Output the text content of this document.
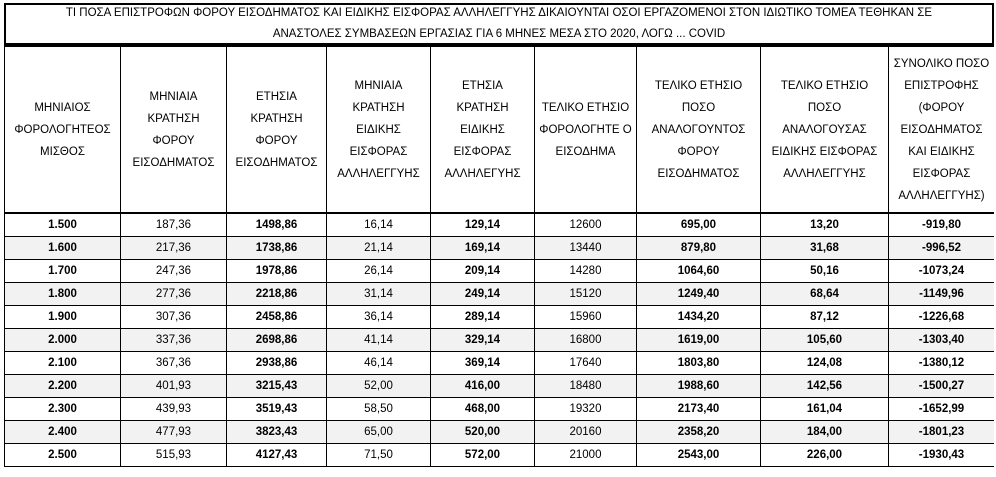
ΤΙ ΠΟΣΑ ΕΠΙΣΤΡΟΦΩΝ ΦΟΡΟΥ ΕΙΣΟΔΗΜΑΤΟΣ ΚΑΙ ΕΙΔΙΚΗΣ ΕΙΣΦΟΡΑΣ ΑΛΛΗΛΕΓΓΥΗΣ ΔΙΚΑΙΟΥΝΤΑΙ ΟΣΟΙ ΕΡΓΑΖΟΜΕΝΟΙ ΣΤΟΝ ΙΔΙΩΤΙΚΟ ΤΟΜΕΑ ΤΕΘΗΚΑΝ ΣΕ
ΑΝΑΣΤΟΛΕΣ ΣΥΜΒΑΣΕΩΝ ΕΡΓΑΣΙΑΣ ΓΙΑ 6 ΜΗΝΕΣ ΜΕΣΑ ΣΤΟ 2020, ΛΟΓΩ ... COVID
ΜΗΝΙΑΙΟΣ ΦΟΡΟΛΟΓΗΤΕΟΣ ΜΙΣΘΟΣ	ΜΗΝΙΑΙΑ ΚΡΑΤΗΣΗ ΦΟΡΟΥ ΕΙΣΟΔΗΜΑΤΟΣ	ΕΤΗΣΙΑ ΚΡΑΤΗΣΗ ΦΟΡΟΥ ΕΙΣΟΔΗΜΑΤΟΣ	ΜΗΝΙΑΙΑ ΚΡΑΤΗΣΗ ΕΙΔΙΚΗΣ ΕΙΣΦΟΡΑΣ ΑΛΛΗΛΕΓΓΥΗΣ	ΕΤΗΣΙΑ ΚΡΑΤΗΣΗ ΕΙΔΙΚΗΣ ΕΙΣΦΟΡΑΣ ΑΛΛΗΛΕΓΥΗΣ	ΤΕΛΙΚΟ ΕΤΗΣΙΟ ΦΟΡΟΛΟΓΗΤΕ Ο ΕΙΣΟΔΗΜΑ	ΤΕΛΙΚΟ ΕΤΗΣΙΟ ΠΟΣΟ ΑΝΑΛΟΓΟΥΝΤΟΣ ΦΟΡΟΥ ΕΙΣΟΔΗΜΑΤΟΣ	ΤΕΛΙΚΟ ΕΤΗΣΙΟ ΠΟΣΟ ΑΝΑΛΟΓΟΥΣΑΣ ΕΙΔΙΚΗΣ ΕΙΣΦΟΡΑΣ ΑΛΛΗΛΕΓΓΥΗΣ	ΣΥΝΟΛΙΚΟ ΠΟΣΟ ΕΠΙΣΤΡΟΦΗΣ (ΦΟΡΟΥ ΕΙΣΟΔΗΜΑΤΟΣ ΚΑΙ ΕΙΔΙΚΗΣ ΕΙΣΦΟΡΑΣ ΑΛΛΗΛΕΓΓΥΗΣ)

1.500	187,36	1498,86	16,14	129,14	12600	695,00	13,20	-919,80
1.600	217,36	1738,86	21,14	169,14	13440	879,80	31,68	-996,52
1.700	247,36	1978,86	26,14	209,14	14280	1064,60	50,16	-1073,24
1.800	277,36	2218,86	31,14	249,14	15120	1249,40	68,64	-1149,96
1.900	307,36	2458,86	36,14	289,14	15960	1434,20	87,12	-1226,68
2.000	337,36	2698,86	41,14	329,14	16800	1619,00	105,60	-1303,40
2.100	367,36	2938,86	46,14	369,14	17640	1803,80	124,08	-1380,12
2.200	401,93	3215,43	52,00	416,00	18480	1988,60	142,56	-1500,27
2.300	439,93	3519,43	58,50	468,00	19320	2173,40	161,04	-1652,99
2.400	477,93	3823,43	65,00	520,00	20160	2358,20	184,00	-1801,23
2.500	515,93	4127,43	71,50	572,00	21000	2543,00	226,00	-1930,43
